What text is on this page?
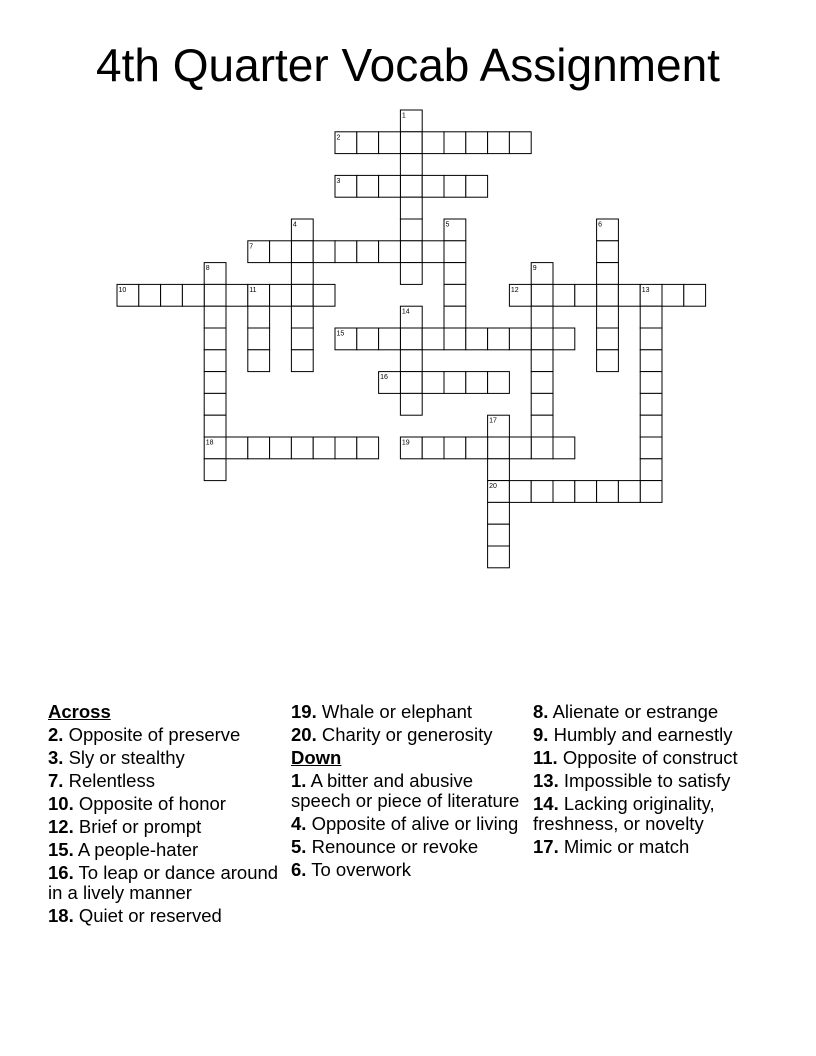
4th Quarter Vocab Assignment
1
2
3
4	5	6
7
8	9
10	11	12	13
14
15
16
17
18	19
20
Across
2. Opposite of preserve
3. Sly or stealthy
7. Relentless
10. Opposite of honor
12. Brief or prompt
15. A people-hater
16. To leap or dance around in a lively manner
18. Quiet or reserved
19. Whale or elephant
20. Charity or generosity
Down
1. A bitter and abusive speech or piece of literature
4. Opposite of alive or living
5. Renounce or revoke
6. To overwork
8. Alienate or estrange
9. Humbly and earnestly
11. Opposite of construct
13. Impossible to satisfy
14. Lacking originality, freshness, or novelty
17. Mimic or match
